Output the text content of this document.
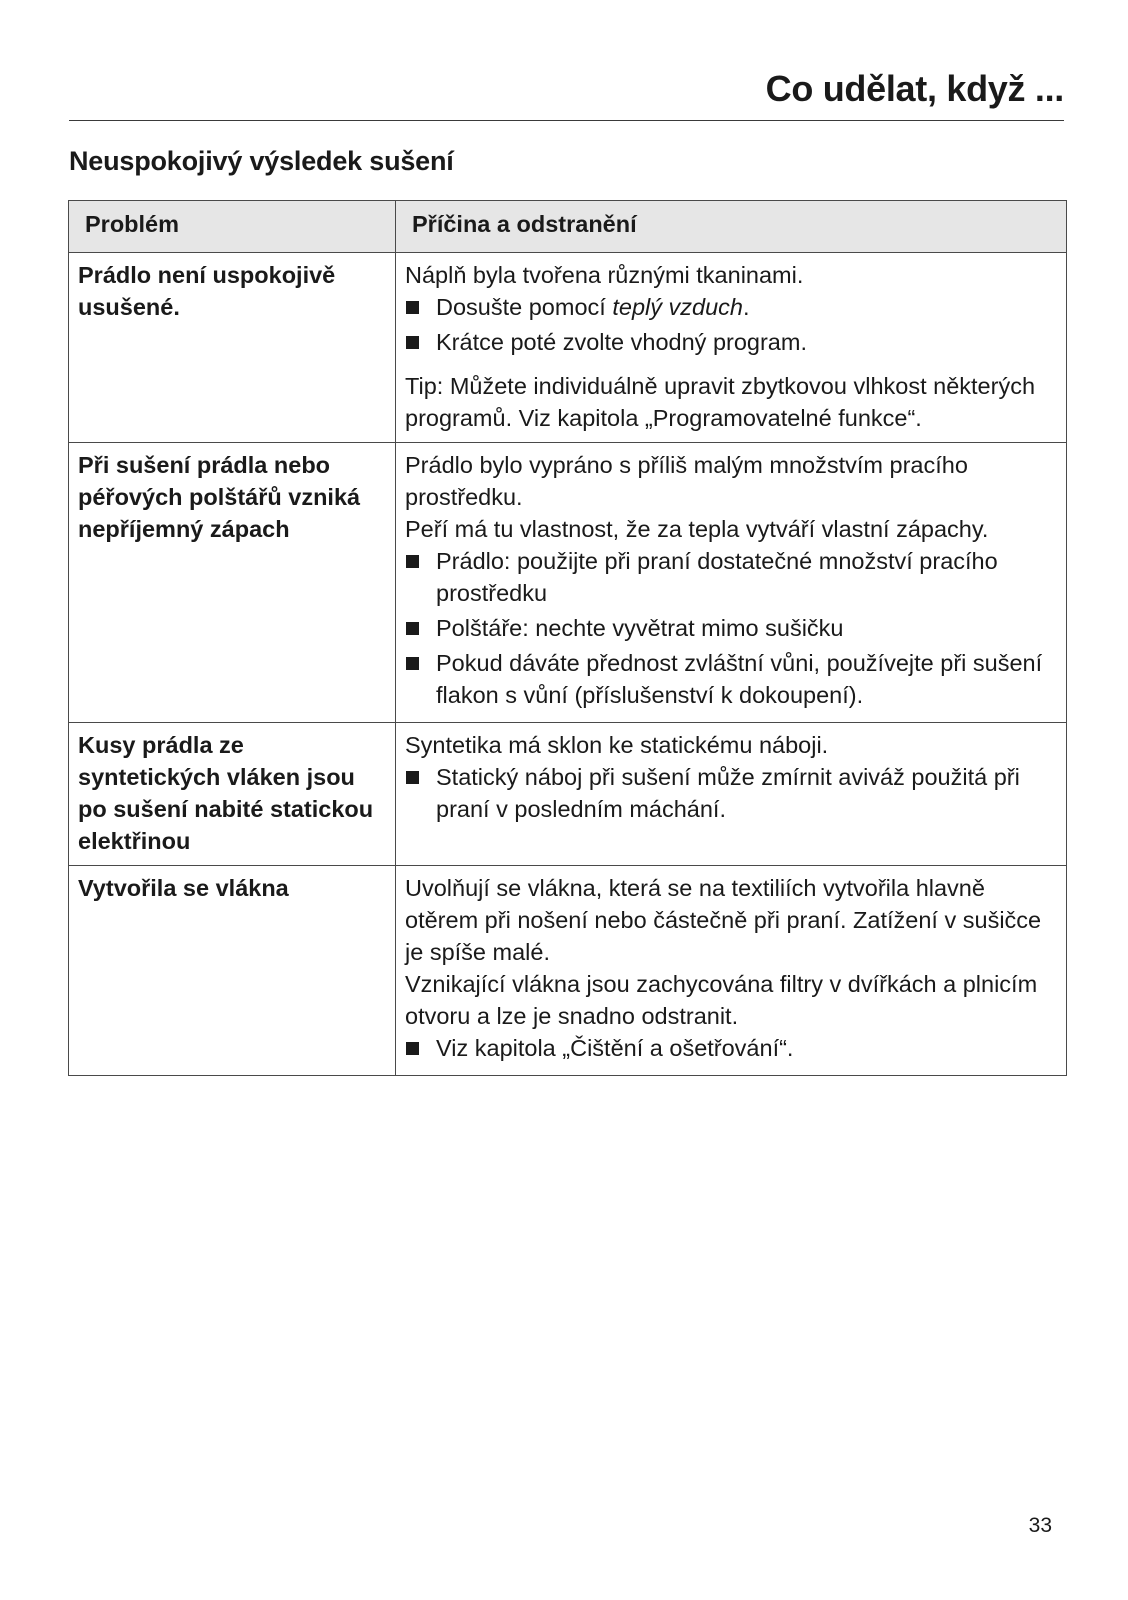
Co udělat, když ...
Neuspokojivý výsledek sušení
Problém	Příčina a odstranění
Prádlo není uspokojivě usušené.	Náplň byla tvořena různými tkaninami.
Dosušte pomocí teplý vzduch.
Krátce poté zvolte vhodný program.
Tip: Můžete individuálně upravit zbytkovou vlhkost některých programů. Viz kapitola „Programovatelné funkce“.

Při sušení prádla nebo péřových polštářů vzniká nepříjemný zápach	Prádlo bylo vypráno s příliš malým množstvím pracího prostředku.
Peří má tu vlastnost, že za tepla vytváří vlastní zápachy.
Prádlo: použijte při praní dostatečné množství pracího prostředku
Polštáře: nechte vyvětrat mimo sušičku
Pokud dáváte přednost zvláštní vůni, používejte při sušení flakon s vůní (příslušenství k dokoupení).

Kusy prádla ze syntetických vláken jsou po sušení nabité statickou elektřinou	Syntetika má sklon ke statickému náboji.
Statický náboj při sušení může zmírnit aviváž použitá při praní v posledním máchání.

Vytvořila se vlákna	Uvolňují se vlákna, která se na textiliích vytvořila hlavně otěrem při nošení nebo částečně při praní. Zatížení v sušičce je spíše malé.
Vznikající vlákna jsou zachycována filtry v dvířkách a plnicím otvoru a lze je snadno odstranit.
Viz kapitola „Čištění a ošetřování“.
33
